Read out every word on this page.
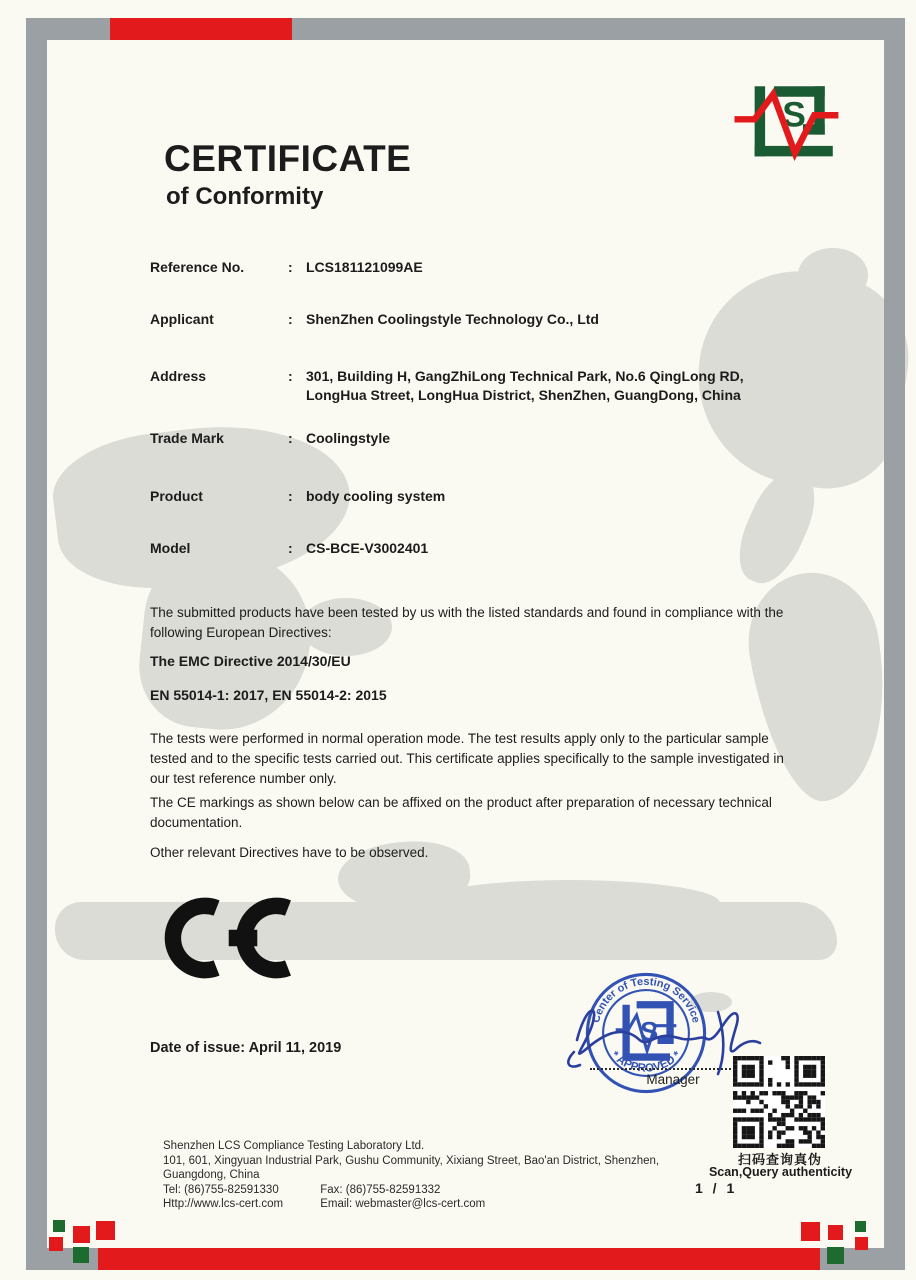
S
CERTIFICATE
of Conformity
Reference No.	: LCS181121099AE
Applicant	: ShenZhen Coolingstyle Technology Co., Ltd
Address	: 301, Building H, GangZhiLong Technical Park, No.6 QingLong RD, LongHua Street, LongHua District, ShenZhen, GuangDong, China
Trade Mark	: Coolingstyle
Product	: body cooling system
Model	: CS-BCE-V3002401
The submitted products have been tested by us with the listed standards and found in compliance with the following European Directives:
The EMC Directive 2014/30/EU
EN 55014-1: 2017, EN 55014-2: 2015
The tests were performed in normal operation mode. The test results apply only to the particular sample tested and to the specific tests carried out. This certificate applies specifically to the sample investigated in our test reference number only.
The CE markings as shown below can be affixed on the product after preparation of necessary technical documentation.
Other relevant Directives have to be observed.
Date of issue: April 11, 2019
Center of Testing Service
* APPROVED *
S
Manager
扫码查询真伪
Scan,Query authenticity
1 / 1
Shenzhen LCS Compliance Testing Laboratory Ltd.
101, 601, Xingyuan Industrial Park, Gushu Community, Xixiang Street, Bao'an District, Shenzhen,
Guangdong, China
Tel: (86)755-82591330	Fax: (86)755-82591332
Http://www.lcs-cert.com	Email: webmaster@lcs-cert.com
